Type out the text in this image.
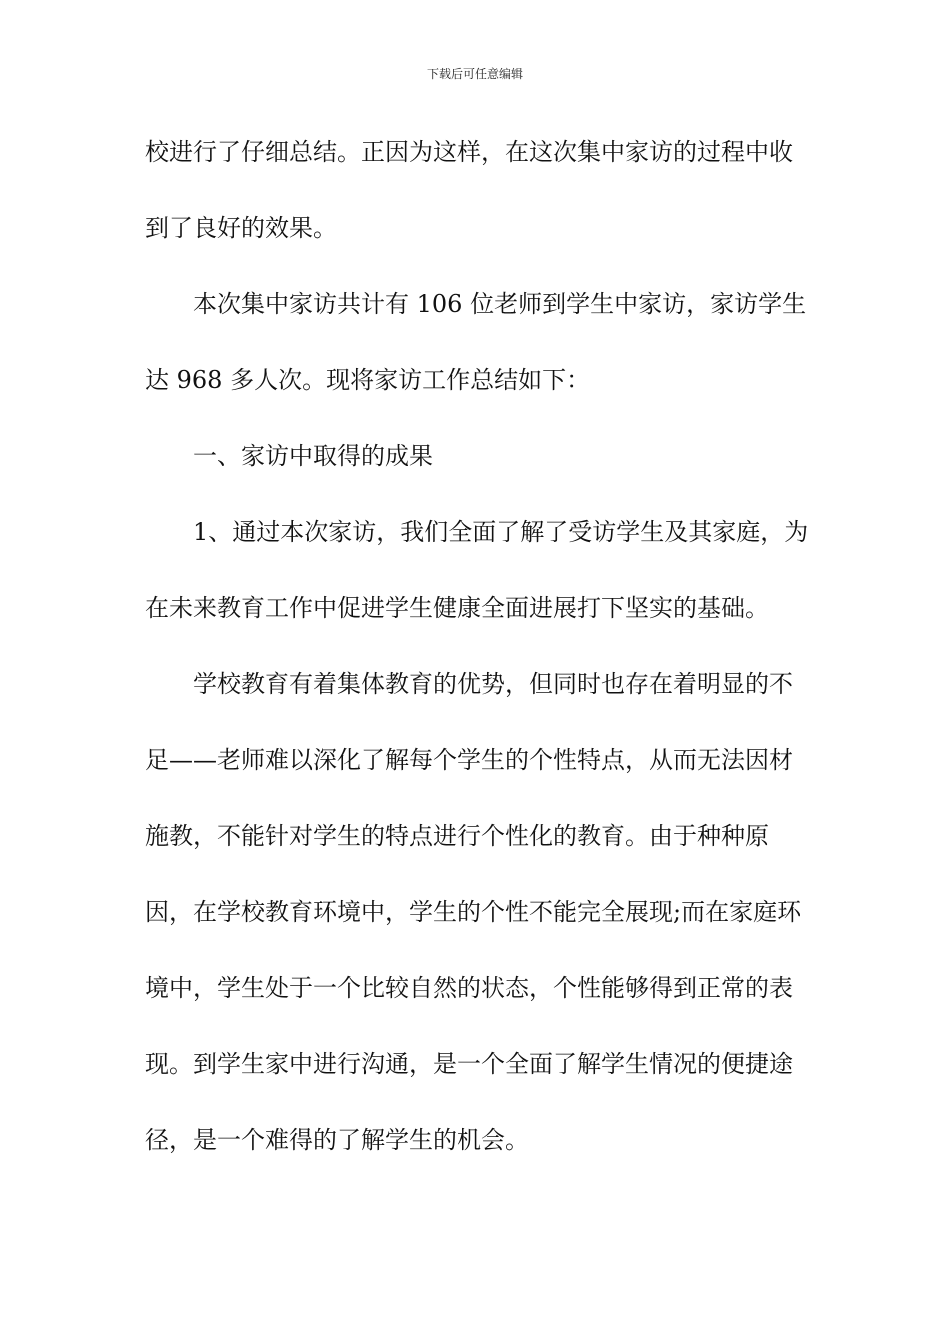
下载后可任意编辑
校进行了仔细总结。正因为这样，在这次集中家访的过程中收
到了良好的效果。
本次集中家访共计有 106 位老师到学生中家访，家访学生
达 968 多人次。现将家访工作总结如下：
一、家访中取得的成果
1、通过本次家访，我们全面了解了受访学生及其家庭，为
在未来教育工作中促进学生健康全面进展打下坚实的基础。
学校教育有着集体教育的优势，但同时也存在着明显的不
足——老师难以深化了解每个学生的个性特点，从而无法因材
施教，不能针对学生的特点进行个性化的教育。由于种种原
因，在学校教育环境中，学生的个性不能完全展现;而在家庭环
境中，学生处于一个比较自然的状态，个性能够得到正常的表
现。到学生家中进行沟通，是一个全面了解学生情况的便捷途
径，是一个难得的了解学生的机会。
